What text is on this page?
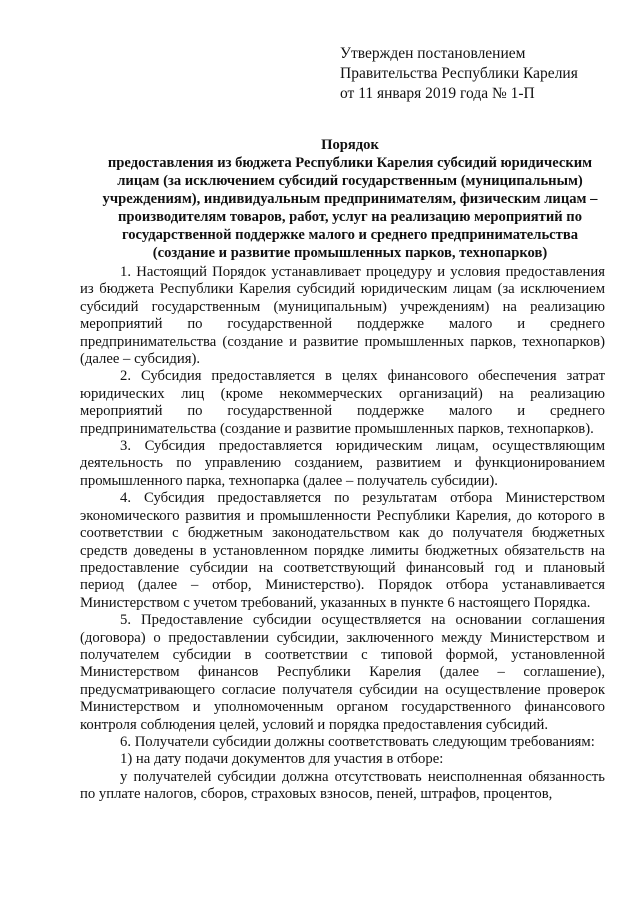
Утвержден постановлением
Правительства Республики Карелия
от 11 января 2019 года № 1-П
Порядок
предоставления из бюджета Республики Карелия субсидий юридическим
лицам (за исключением субсидий государственным (муниципальным)
учреждениям), индивидуальным предпринимателям, физическим лицам –
производителям товаров, работ, услуг на реализацию мероприятий по
государственной поддержке малого и среднего предпринимательства
(создание и развитие промышленных парков, технопарков)

1. Настоящий Порядок устанавливает процедуру и условия предоставления из бюджета Республики Карелия субсидий юридическим лицам (за исключением субсидий государственным (муниципальным) учреждениям) на реализацию мероприятий по государственной поддержке малого и среднего предпринимательства (создание и развитие промышленных парков, технопарков) (далее – субсидия).

2. Субсидия предоставляется в целях финансового обеспечения затрат юридических лиц (кроме некоммерческих организаций) на реализацию мероприятий по государственной поддержке малого и среднего предпринимательства (создание и развитие промышленных парков, технопарков).

3. Субсидия предоставляется юридическим лицам, осуществляющим деятельность по управлению созданием, развитием и функционированием промышленного парка, технопарка (далее – получатель субсидии).

4. Субсидия предоставляется по результатам отбора Министерством экономического развития и промышленности Республики Карелия, до которого в соответствии с бюджетным законодательством как до получателя бюджетных средств доведены в установленном порядке лимиты бюджетных обязательств на предоставление субсидии на соответствующий финансовый год и плановый период (далее – отбор, Министерство). Порядок отбора устанавливается Министерством с учетом требований, указанных в пункте 6 настоящего Порядка.

5. Предоставление субсидии осуществляется на основании соглашения (договора) о предоставлении субсидии, заключенного между Министерством и получателем субсидии в соответствии с типовой формой, установленной Министерством финансов Республики Карелия (далее – соглашение), предусматривающего согласие получателя субсидии на осуществление проверок Министерством и уполномоченным органом государственного финансового контроля соблюдения целей, условий и порядка предоставления субсидий.

6. Получатели субсидии должны соответствовать следующим требованиям:

1) на дату подачи документов для участия в отборе:

у получателей субсидии должна отсутствовать неисполненная обязанность по уплате налогов, сборов, страховых взносов, пеней, штрафов, процентов,
